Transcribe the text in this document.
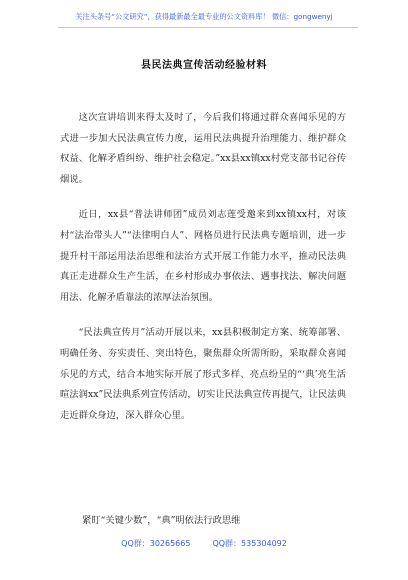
关注头条号“公文研究”，获得最新最全最专业的公文资料库！ 微信：gongwenyj
县民法典宣传活动经验材料

这次宣讲培训来得太及时了，今后我们将通过群众喜闻乐见的方式进一步加大民法典宣传力度，运用民法典提升治理能力、维护群众权益、化解矛盾纠纷、维护社会稳定。”xx县xx镇xx村党支部书记谷传烟说。

近日，xx县“普法讲师团”成员刘志莲受邀来到xx镇xx村，对该村“法治带头人”“法律明白人”、网格员进行民法典专题培训，进一步提升村干部运用法治思维和法治方式开展工作能力水平，推动民法典真正走进群众生产生活，在乡村形成办事依法、遇事找法、解决问题用法、化解矛盾靠法的浓厚法治氛围。

“民法典宣传月”活动开展以来，xx县积极制定方案、统筹部署、明确任务、夯实责任、突出特色，聚焦群众所需所盼，采取群众喜闻乐见的方式，结合本地实际开展了形式多样、亮点纷呈的“‘典’亮生活暄法润xx”民法典系列宣传活动，切实让民法典宣传再提气，让民法典走近群众身边，深入群众心里。

紧盯“关键少数”，“典”明依法行政思维
QQ群：30265665	QQ群：535304092
